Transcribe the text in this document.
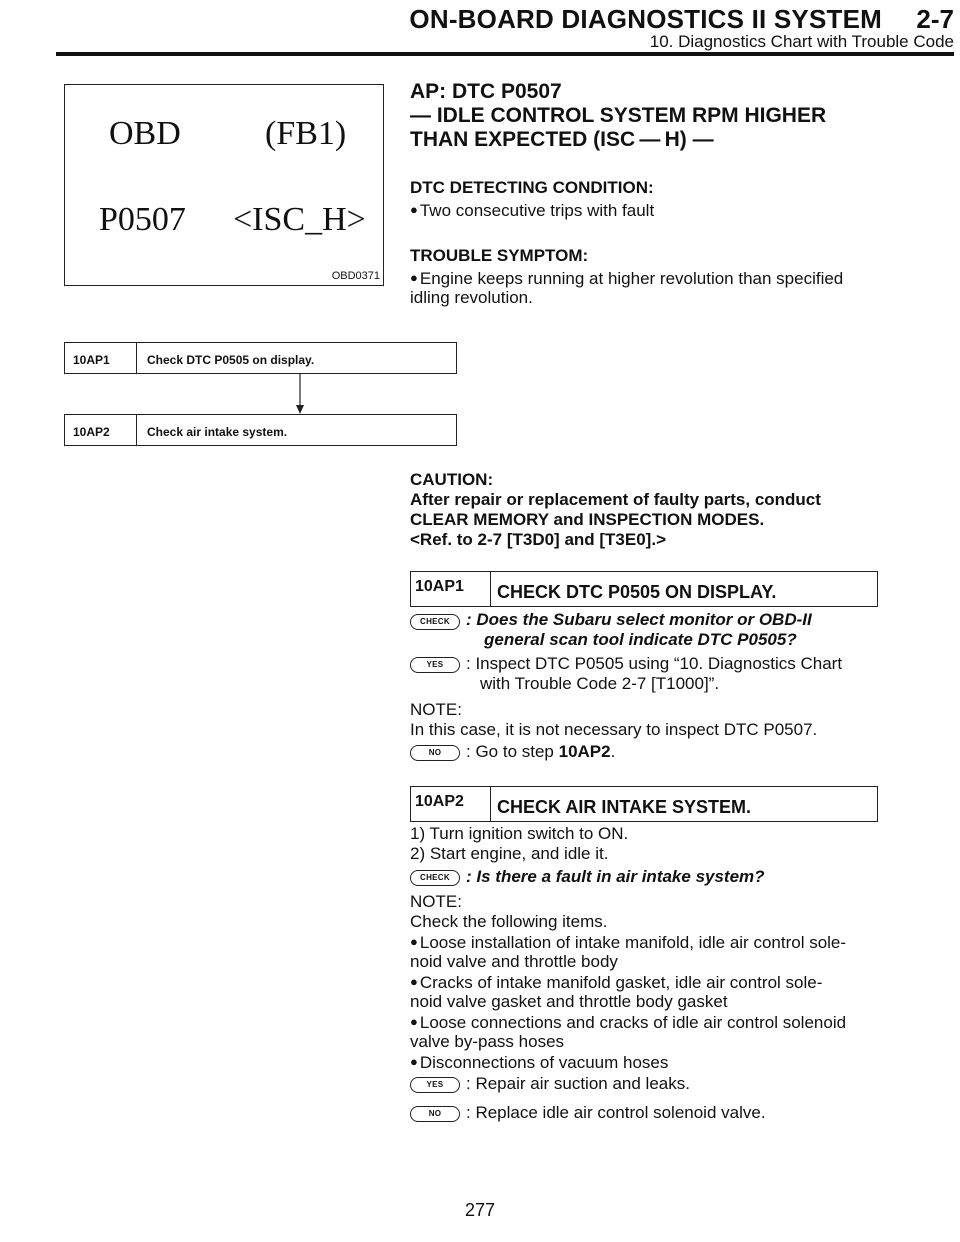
ON-BOARD DIAGNOSTICS II SYSTEM 2-7
10. Diagnostics Chart with Trouble Code
OBD (FB1)
P0507 <ISC_H>
OBD0371
AP: DTC P0507
— IDLE CONTROL SYSTEM RPM HIGHER
THAN EXPECTED (ISC — H) —
DTC DETECTING CONDITION:
● Two consecutive trips with fault
TROUBLE SYMPTOM:
● Engine keeps running at higher revolution than specified
idling revolution.
10AP1	Check DTC P0505 on display.
10AP2	Check air intake system.
CAUTION:
After repair or replacement of faulty parts, conduct
CLEAR MEMORY and INSPECTION MODES.
<Ref. to 2-7 [T3D0] and [T3E0].>
10AP1	CHECK DTC P0505 ON DISPLAY.
CHECK : Does the Subaru select monitor or OBD-II
general scan tool indicate DTC P0505?
YES	: Inspect DTC P0505 using “10. Diagnostics Chart
with Trouble Code 2-7 [T1000]”.
NOTE:
In this case, it is not necessary to inspect DTC P0507.
NO	: Go to step 10AP2.
10AP2	CHECK AIR INTAKE SYSTEM.
1) Turn ignition switch to ON.
2) Start engine, and idle it.
CHECK : Is there a fault in air intake system?
NOTE:
Check the following items.
● Loose installation of intake manifold, idle air control sole-
noid valve and throttle body
● Cracks of intake manifold gasket, idle air control sole-
noid valve gasket and throttle body gasket
● Loose connections and cracks of idle air control solenoid
valve by-pass hoses
● Disconnections of vacuum hoses
YES	: Repair air suction and leaks.
NO	: Replace idle air control solenoid valve.
277
